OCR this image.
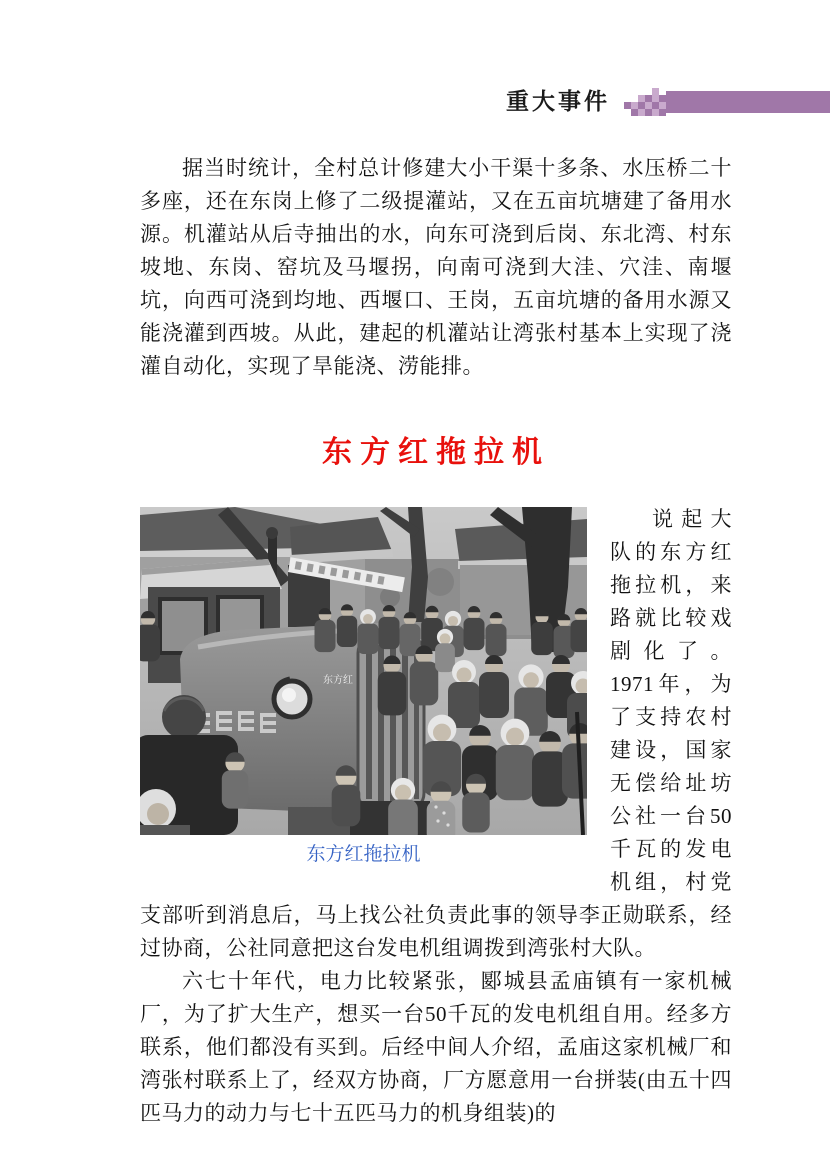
重大事件

据当时统计，全村总计修建大小干渠十多条、水压桥二十多座，还在东岗上修了二级提灌站，又在五亩坑塘建了备用水源。机灌站从后寺抽出的水，向东可浇到后岗、东北湾、村东坡地、东岗、窑坑及马堰拐，向南可浇到大洼、穴洼、南堰坑，向西可浇到均地、西堰口、王岗，五亩坑塘的备用水源又能浇灌到西坡。从此，建起的机灌站让湾张村基本上实现了浇灌自动化，实现了旱能浇、涝能排。

东方红拖拉机
东方红
东方红拖拉机

说起大队的东方红拖拉机，来路就比较戏剧化了。1971年，为了支持农村建设，国家无偿给址坊公社一台50千瓦的发电机组，村党支部听到消息后，马上找公社负责此事的领导李正勋联系，经过协商，公社同意把这台发电机组调拨到湾张村大队。

六七十年代，电力比较紧张，郾城县孟庙镇有一家机械厂，为了扩大生产，想买一台50千瓦的发电机组自用。经多方联系，他们都没有买到。后经中间人介绍，孟庙这家机械厂和湾张村联系上了，经双方协商，厂方愿意用一台拼装(由五十四匹马力的动力与七十五匹马力的机身组装)的
